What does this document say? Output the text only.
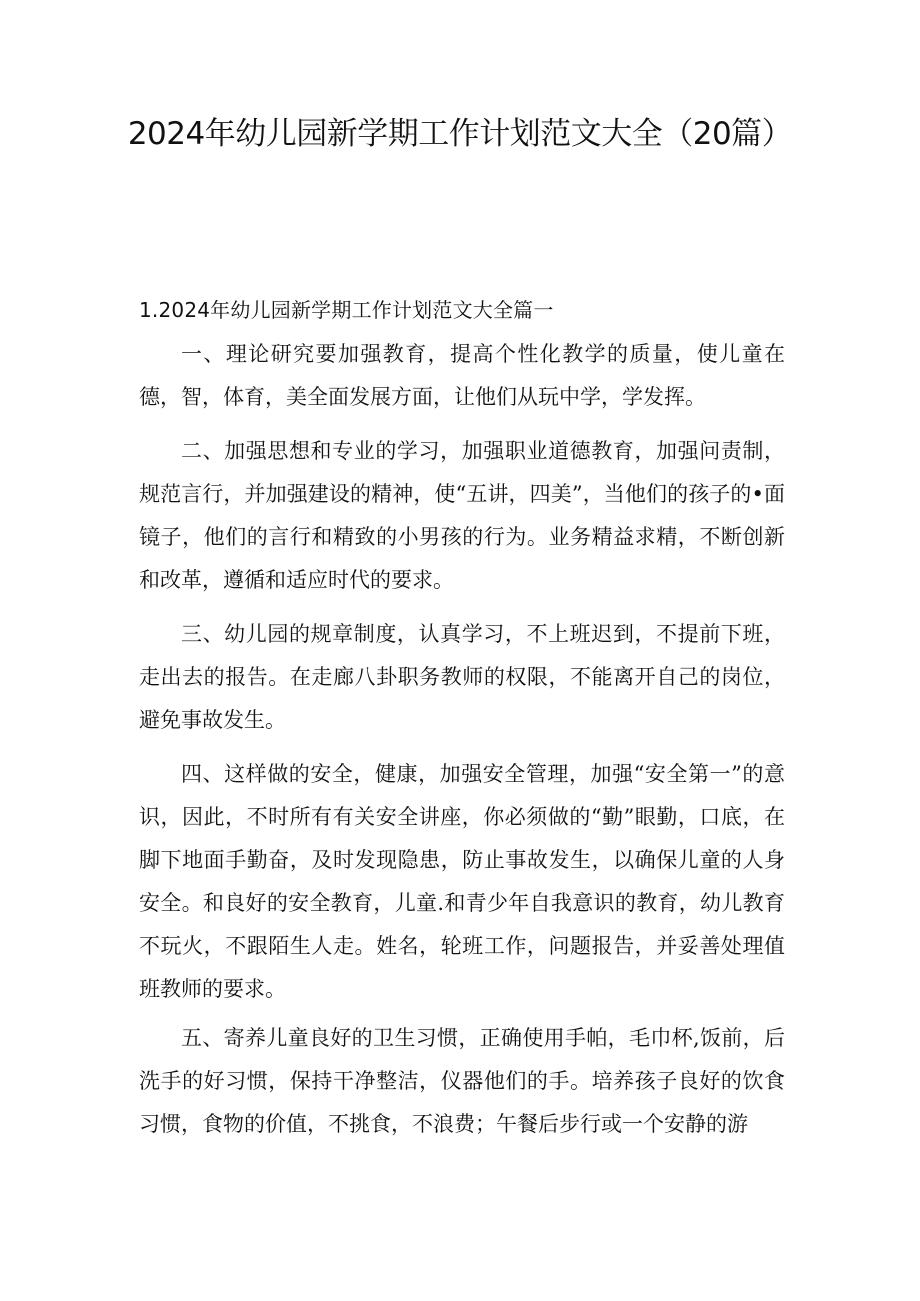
2024年幼儿园新学期工作计划范文大全（20篇）

1.2024年幼儿园新学期工作计划范文大全篇一

一、理论研究要加强教育，提高个性化教学的质量，使儿童在德，智，体育，美全面发展方面，让他们从玩中学，学发挥。

二、加强思想和专业的学习，加强职业道德教育，加强问责制，规范言行，并加强建设的精神，使“五讲，四美”，当他们的孩子的•面镜子，他们的言行和精致的小男孩的行为。业务精益求精，不断创新和改革，遵循和适应时代的要求。

三、幼儿园的规章制度，认真学习，不上班迟到，不提前下班，走出去的报告。在走廊八卦职务教师的权限，不能离开自己的岗位，避免事故发生。

四、这样做的安全，健康，加强安全管理，加强“安全第一”的意识，因此，不时所有有关安全讲座，你必须做的“勤”眼勤，口底，在脚下地面手勤奋，及时发现隐患，防止事故发生，以确保儿童的人身安全。和良好的安全教育，儿童.和青少年自我意识的教育，幼儿教育不玩火，不跟陌生人走。姓名，轮班工作，问题报告，并妥善处理值班教师的要求。

五、寄养儿童良好的卫生习惯，正确使用手帕，毛巾杯,饭前，后洗手的好习惯，保持干净整洁，仪器他们的手。培养孩子良好的饮食习惯，食物的价值，不挑食，不浪费；午餐后步行或一个安静的游
